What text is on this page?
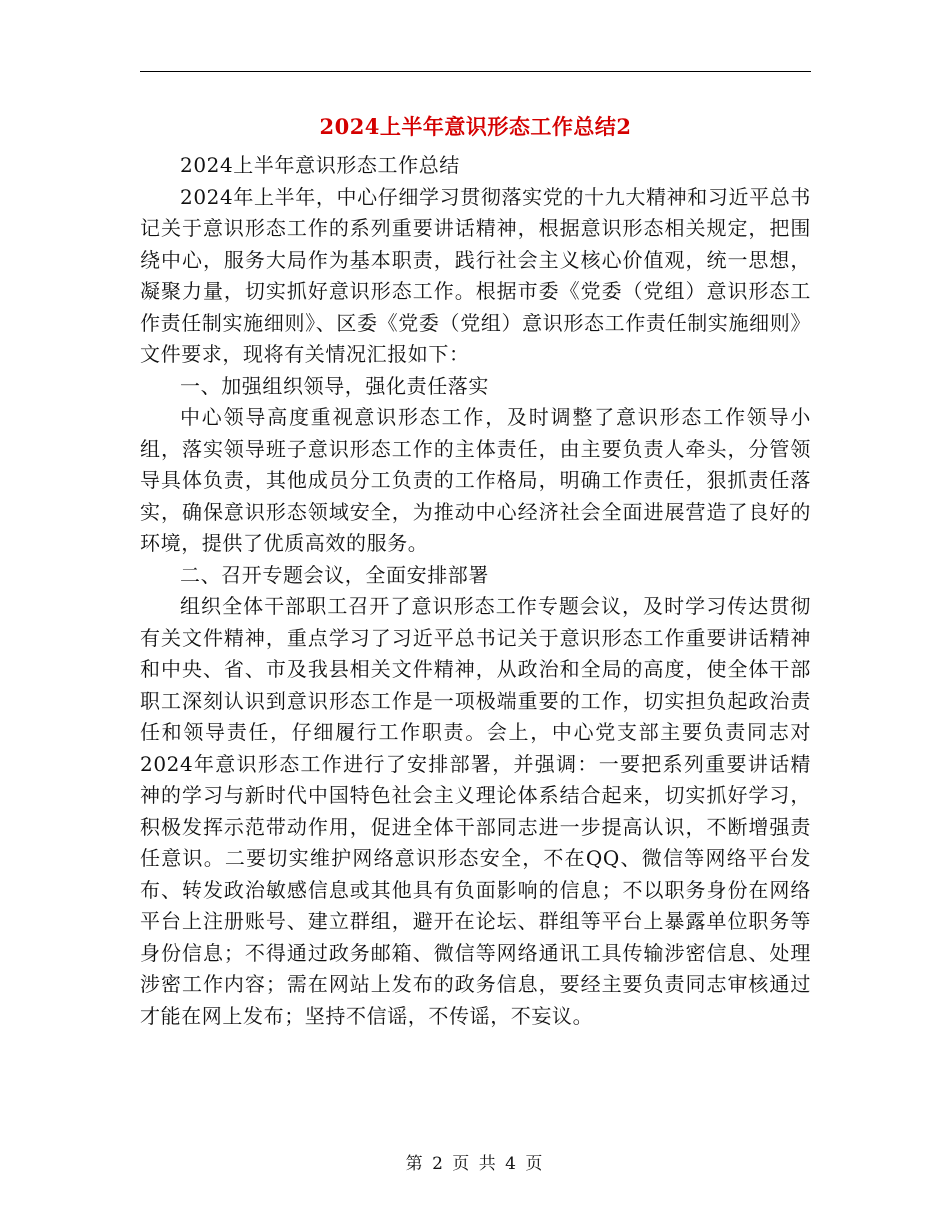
2024上半年意识形态工作总结2

2024上半年意识形态工作总结

2024年上半年，中心仔细学习贯彻落实党的十九大精神和习近平总书记关于意识形态工作的系列重要讲话精神，根据意识形态相关规定，把围绕中心，服务大局作为基本职责，践行社会主义核心价值观，统一思想，凝聚力量，切实抓好意识形态工作。根据市委《党委（党组）意识形态工作责任制实施细则》、区委《党委（党组）意识形态工作责任制实施细则》文件要求，现将有关情况汇报如下：

一、加强组织领导，强化责任落实

中心领导高度重视意识形态工作，及时调整了意识形态工作领导小组，落实领导班子意识形态工作的主体责任，由主要负责人牵头，分管领导具体负责，其他成员分工负责的工作格局，明确工作责任，狠抓责任落实，确保意识形态领域安全，为推动中心经济社会全面进展营造了良好的环境，提供了优质高效的服务。

二、召开专题会议，全面安排部署

组织全体干部职工召开了意识形态工作专题会议，及时学习传达贯彻有关文件精神，重点学习了习近平总书记关于意识形态工作重要讲话精神和中央、省、市及我县相关文件精神，从政治和全局的高度，使全体干部职工深刻认识到意识形态工作是一项极端重要的工作，切实担负起政治责任和领导责任，仔细履行工作职责。会上，中心党支部主要负责同志对2024年意识形态工作进行了安排部署，并强调：一要把系列重要讲话精神的学习与新时代中国特色社会主义理论体系结合起来，切实抓好学习，积极发挥示范带动作用，促进全体干部同志进一步提高认识，不断增强责任意识。二要切实维护网络意识形态安全，不在QQ、微信等网络平台发布、转发政治敏感信息或其他具有负面影响的信息；不以职务身份在网络平台上注册账号、建立群组，避开在论坛、群组等平台上暴露单位职务等身份信息；不得通过政务邮箱、微信等网络通讯工具传输涉密信息、处理涉密工作内容；需在网站上发布的政务信息，要经主要负责同志审核通过才能在网上发布；坚持不信谣，不传谣，不妄议。

第 2 页 共 4 页
